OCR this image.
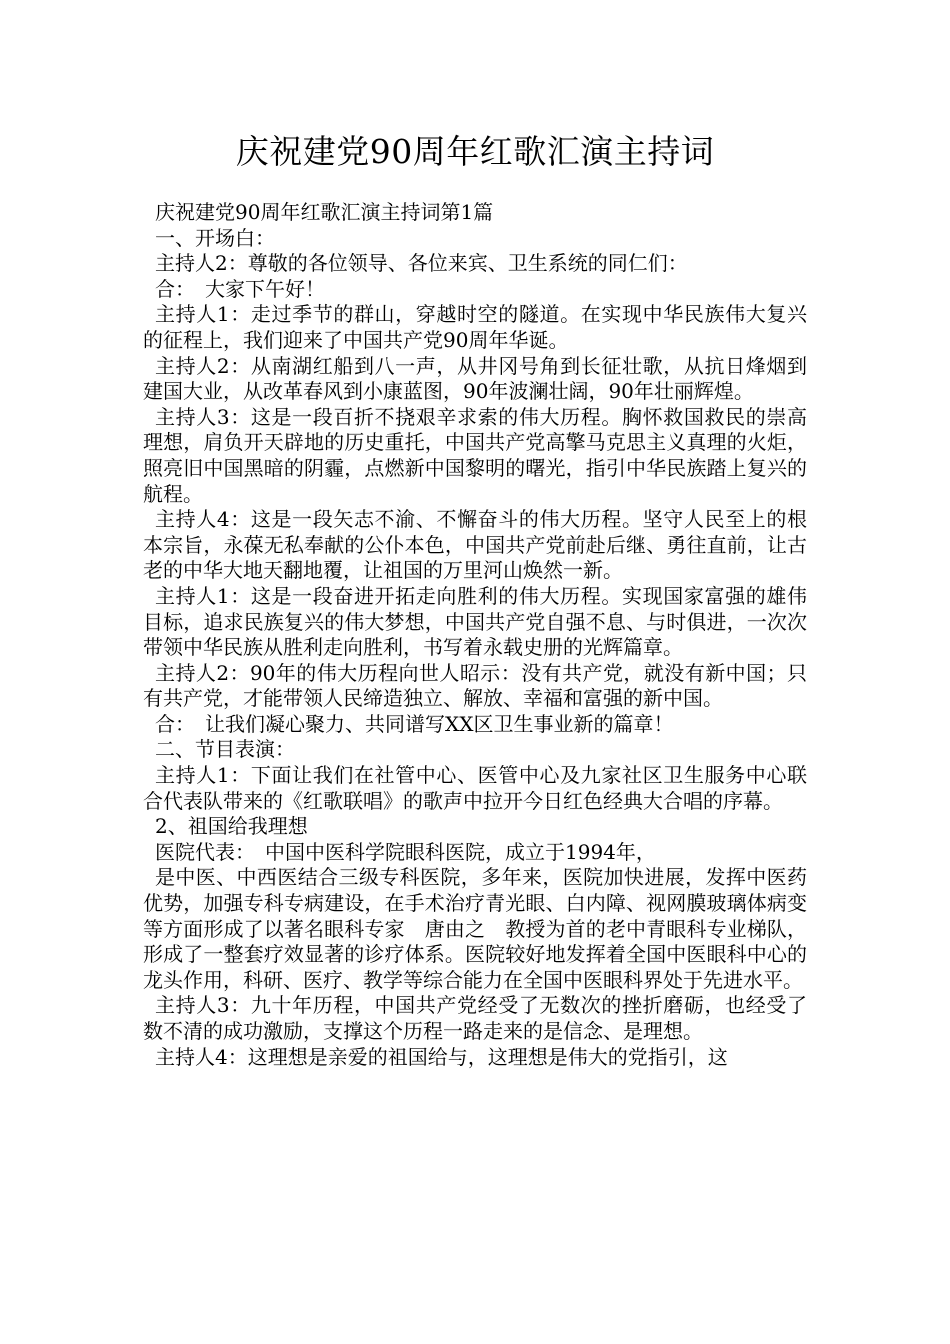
庆祝建党90周年红歌汇演主持词

庆祝建党90周年红歌汇演主持词第1篇

一、开场白：

主持人2：尊敬的各位领导、各位来宾、卫生系统的同仁们：

合：　大家下午好！

主持人1：走过季节的群山，穿越时空的隧道。在实现中华民族伟大复兴的征程上，我们迎来了中国共产党90周年华诞。

主持人2：从南湖红船到八一声，从井冈号角到长征壮歌，从抗日烽烟到建国大业，从改革春风到小康蓝图，90年波澜壮阔，90年壮丽辉煌。

主持人3：这是一段百折不挠艰辛求索的伟大历程。胸怀救国救民的崇高理想，肩负开天辟地的历史重托，中国共产党高擎马克思主义真理的火炬，照亮旧中国黑暗的阴霾，点燃新中国黎明的曙光，指引中华民族踏上复兴的航程。

主持人4：这是一段矢志不渝、不懈奋斗的伟大历程。坚守人民至上的根本宗旨，永葆无私奉献的公仆本色，中国共产党前赴后继、勇往直前，让古老的中华大地天翻地覆，让祖国的万里河山焕然一新。

主持人1：这是一段奋进开拓走向胜利的伟大历程。实现国家富强的雄伟目标，追求民族复兴的伟大梦想，中国共产党自强不息、与时俱进，一次次带领中华民族从胜利走向胜利，书写着永载史册的光辉篇章。

主持人2：90年的伟大历程向世人昭示：没有共产党，就没有新中国；只有共产党，才能带领人民缔造独立、解放、幸福和富强的新中国。

合：　让我们凝心聚力、共同谱写XX区卫生事业新的篇章！

二、节目表演：

主持人1：下面让我们在社管中心、医管中心及九家社区卫生服务中心联合代表队带来的《红歌联唱》的歌声中拉开今日红色经典大合唱的序幕。

2、祖国给我理想

医院代表：　中国中医科学院眼科医院，成立于1994年，

是中医、中西医结合三级专科医院，多年来，医院加快进展，发挥中医药优势，加强专科专病建设，在手术治疗青光眼、白内障、视网膜玻璃体病变等方面形成了以著名眼科专家　唐由之　教授为首的老中青眼科专业梯队，形成了一整套疗效显著的诊疗体系。医院较好地发挥着全国中医眼科中心的龙头作用，科研、医疗、教学等综合能力在全国中医眼科界处于先进水平。

主持人3：九十年历程，中国共产党经受了无数次的挫折磨砺，也经受了数不清的成功激励，支撑这个历程一路走来的是信念、是理想。

主持人4：这理想是亲爱的祖国给与，这理想是伟大的党指引，这
